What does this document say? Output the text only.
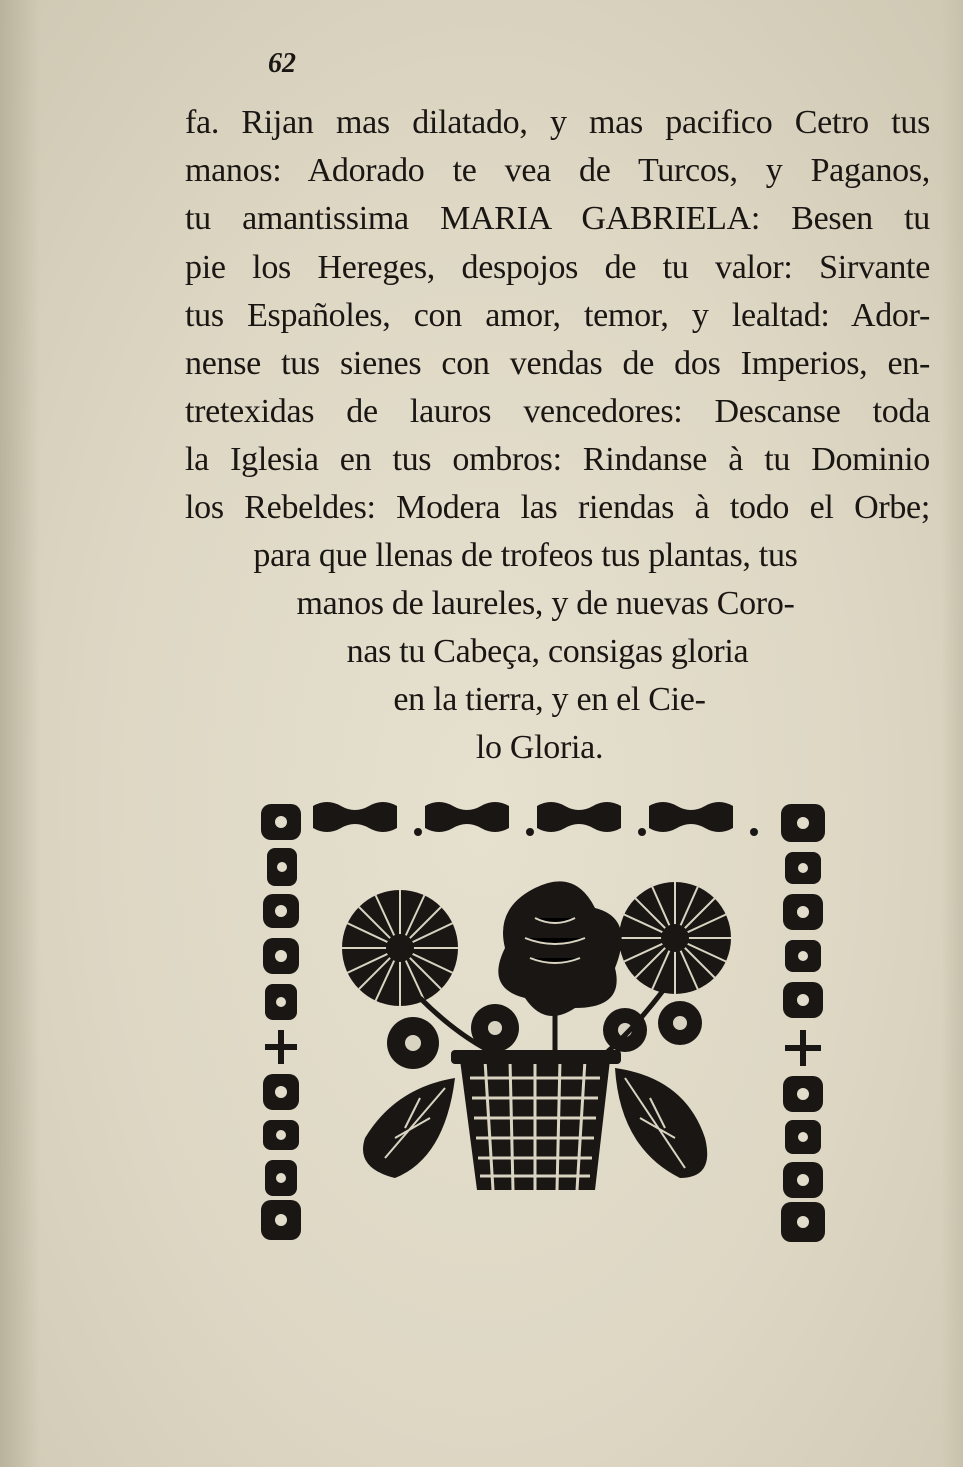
62
fa. Rijan mas dilatado, y mas pacifico Cetro tus
manos: Adorado te vea de Turcos, y Paganos,
tu amantissima MARIA GABRIELA: Besen tu
pie los Hereges, despojos de tu valor: Sirvante
tus Españoles, con amor, temor, y lealtad: Ador-
nense tus sienes con vendas de dos Imperios, en-
tretexidas de lauros vencedores: Descanse toda
la Iglesia en tus ombros: Rindanse à tu Dominio
los Rebeldes: Modera las riendas à todo el Orbe;
para que llenas de trofeos tus plantas, tus
manos de laureles, y de nuevas Coro-
nas tu Cabeça, consigas gloria
en la tierra, y en el Cie-
lo Gloria.
